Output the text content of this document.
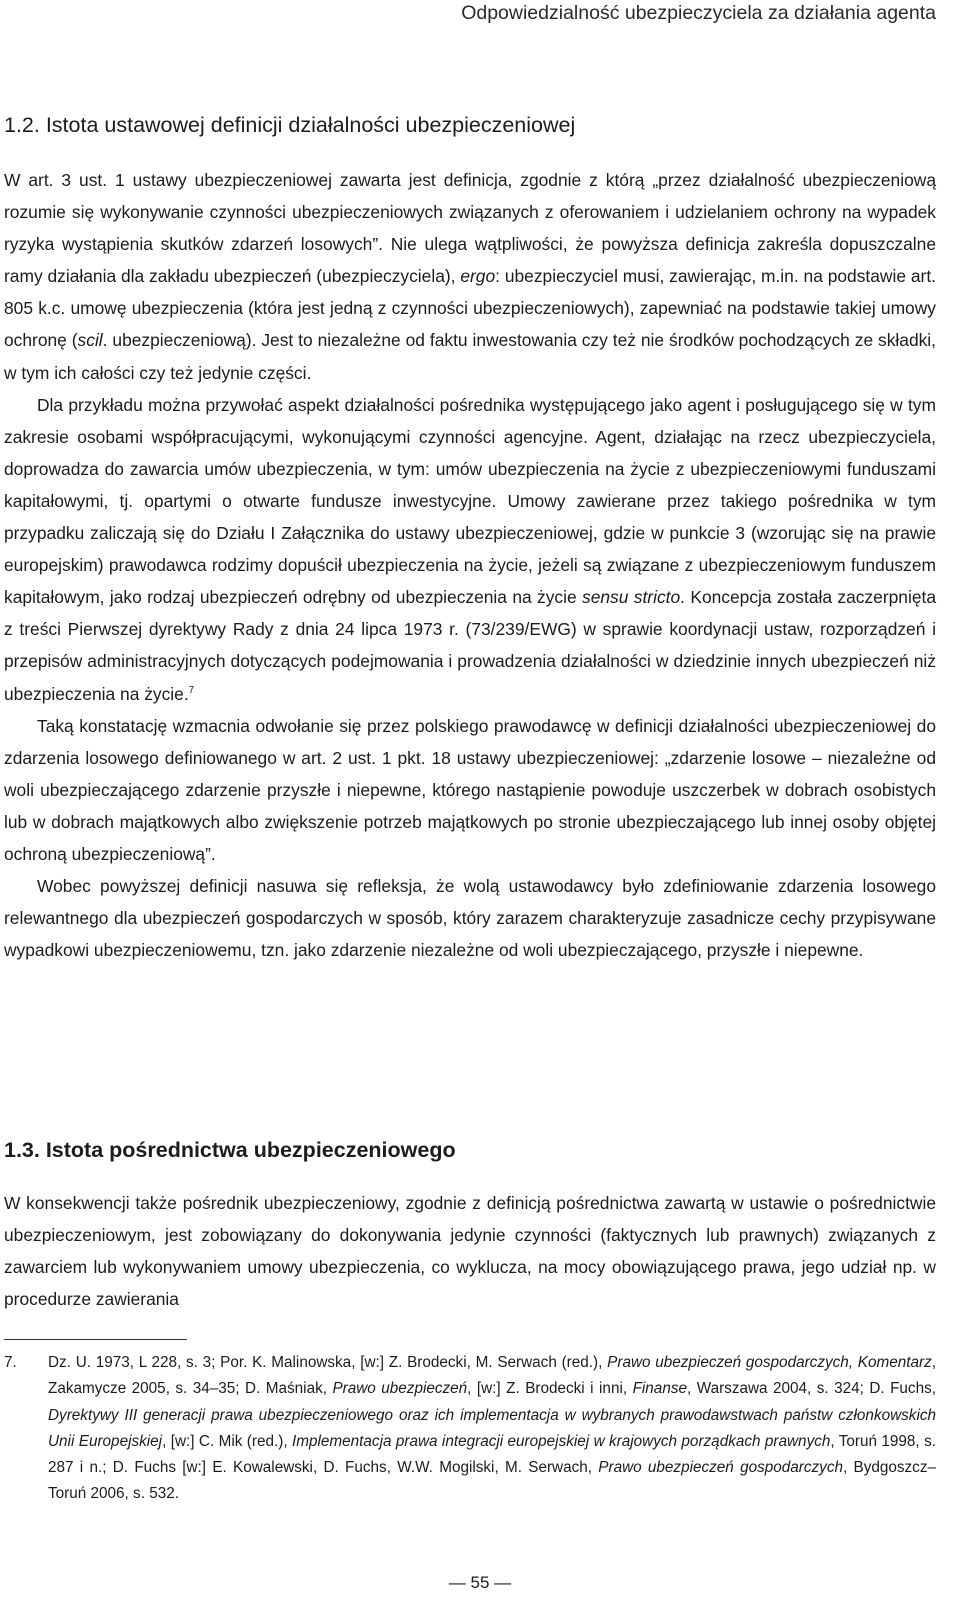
Odpowiedzialność ubezpieczyciela za działania agenta
1.2. Istota ustawowej definicji działalności ubezpieczeniowej

W art. 3 ust. 1 ustawy ubezpieczeniowej zawarta jest definicja, zgodnie z którą „przez działalność ubezpieczeniową rozumie się wykonywanie czynności ubezpieczeniowych związanych z oferowaniem i udzielaniem ochrony na wypadek ryzyka wystąpienia skutków zdarzeń losowych”. Nie ulega wątpliwości, że powyższa definicja zakreśla dopuszczalne ramy działania dla zakładu ubezpieczeń (ubezpieczyciela), ergo: ubezpieczyciel musi, zawierając, m.in. na podstawie art. 805 k.c. umowę ubezpieczenia (która jest jedną z czynności ubezpieczeniowych), zapewniać na podstawie takiej umowy ochronę (scil. ubezpieczeniową). Jest to niezależne od faktu inwestowania czy też nie środków pochodzących ze składki, w tym ich całości czy też jedynie części.

Dla przykładu można przywołać aspekt działalności pośrednika występującego jako agent i posługującego się w tym zakresie osobami współpracującymi, wykonującymi czynności agencyjne. Agent, działając na rzecz ubezpieczyciela, doprowadza do zawarcia umów ubezpieczenia, w tym: umów ubezpieczenia na życie z ubezpieczeniowymi funduszami kapitałowymi, tj. opartymi o otwarte fundusze inwestycyjne. Umowy zawierane przez takiego pośrednika w tym przypadku zaliczają się do Działu I Załącznika do ustawy ubezpieczeniowej, gdzie w punkcie 3 (wzorując się na prawie europejskim) prawodawca rodzimy dopuścił ubezpieczenia na życie, jeżeli są związane z ubezpieczeniowym funduszem kapitałowym, jako rodzaj ubezpieczeń odrębny od ubezpieczenia na życie sensu stricto. Koncepcja została zaczerpnięta z treści Pierwszej dyrektywy Rady z dnia 24 lipca 1973 r. (73/239/EWG) w sprawie koordynacji ustaw, rozporządzeń i przepisów administracyjnych dotyczących podejmowania i prowadzenia działalności w dziedzinie innych ubezpieczeń niż ubezpieczenia na życie.$^7$

Taką konstatację wzmacnia odwołanie się przez polskiego prawodawcę w definicji działalności ubezpieczeniowej do zdarzenia losowego definiowanego w art. 2 ust. 1 pkt. 18 ustawy ubezpieczeniowej: „zdarzenie losowe – niezależne od woli ubezpieczającego zdarzenie przyszłe i niepewne, którego nastąpienie powoduje uszczerbek w dobrach osobistych lub w dobrach majątkowych albo zwiększenie potrzeb majątkowych po stronie ubezpieczającego lub innej osoby objętej ochroną ubezpieczeniową”.

Wobec powyższej definicji nasuwa się refleksja, że wolą ustawodawcy było zdefiniowanie zdarzenia losowego relewantnego dla ubezpieczeń gospodarczych w sposób, który zarazem charakteryzuje zasadnicze cechy przypisywane wypadkowi ubezpieczeniowemu, tzn. jako zdarzenie niezależne od woli ubezpieczającego, przyszłe i niepewne.

1.3. Istota pośrednictwa ubezpieczeniowego

W konsekwencji także pośrednik ubezpieczeniowy, zgodnie z definicją pośrednictwa zawartą w ustawie o pośrednictwie ubezpieczeniowym, jest zobowiązany do dokonywania jedynie czynności (faktycznych lub prawnych) związanych z zawarciem lub wykonywaniem umowy ubezpieczenia, co wyklucza, na mocy obowiązującego prawa, jego udział np. w procedurze zawierania

7. Dz. U. 1973, L 228, s. 3; Por. K. Malinowska, [w:] Z. Brodecki, M. Serwach (red.), Prawo ubezpieczeń gospodarczych, Komentarz, Zakamycze 2005, s. 34–35; D. Maśniak, Prawo ubezpieczeń, [w:] Z. Brodecki i inni, Finanse, Warszawa 2004, s. 324; D. Fuchs, Dyrektywy III generacji prawa ubezpieczeniowego oraz ich implementacja w wybranych prawodawstwach państw członkowskich Unii Europejskiej, [w:] C. Mik (red.), Implementacja prawa integracji europejskiej w krajowych porządkach prawnych, Toruń 1998, s. 287 i n.; D. Fuchs [w:] E. Kowalewski, D. Fuchs, W.W. Mogilski, M. Serwach, Prawo ubezpieczeń gospodarczych, Bydgoszcz–Toruń 2006, s. 532.
— 55 —
